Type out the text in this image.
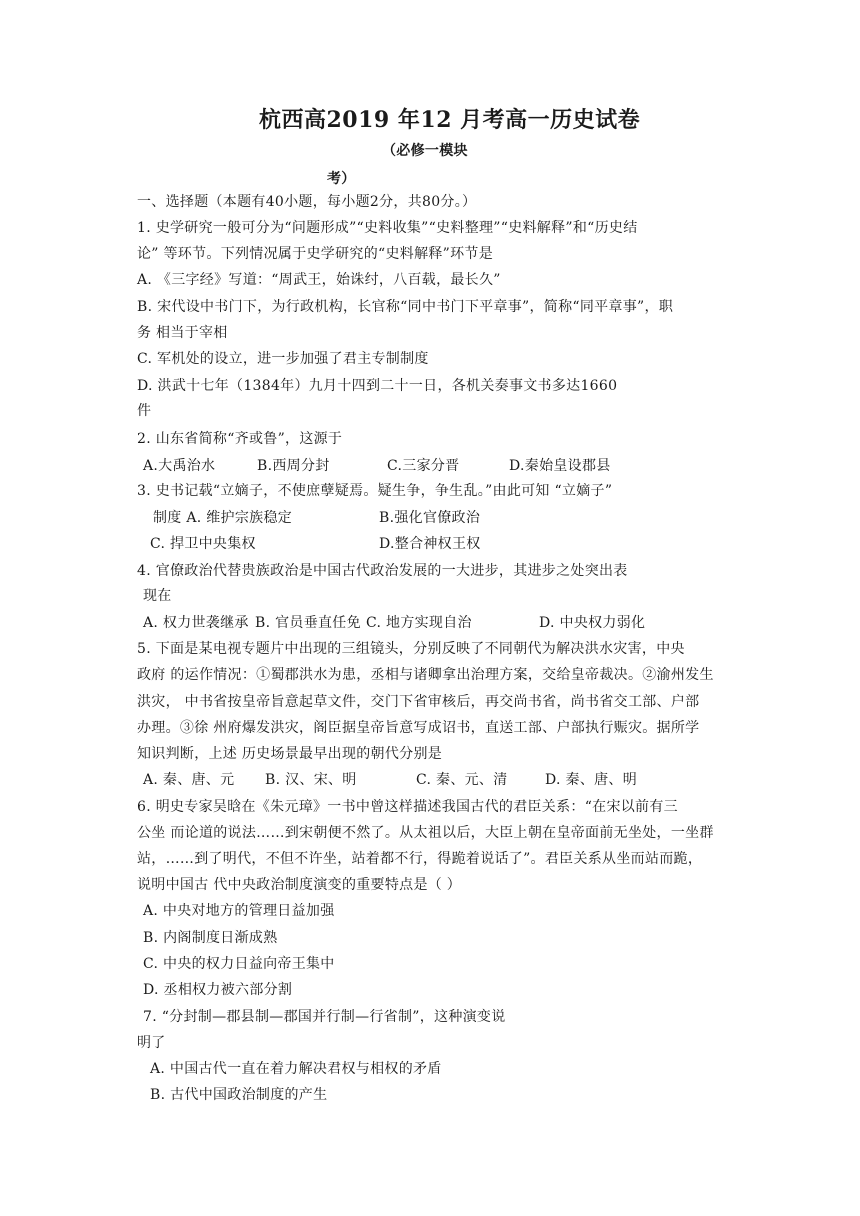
杭西高2019 年12 月考高一历史试卷
（必修一模块
考）
一、选择题（本题有40小题，每小题2分，共80分。）
1. 史学研究一般可分为“问题形成”“史料收集”“史料整理”“史料解释”和“历史结
论” 等环节。下列情况属于史学研究的“史料解释”环节是
A. 《三字经》写道：“周武王，始诛纣，八百载，最长久”
B. 宋代设中书门下，为行政机构，长官称“同中书门下平章事”，简称“同平章事”，职
务 相当于宰相
C. 军机处的设立，进一步加强了君主专制制度
D. 洪武十七年（1384年）九月十四到二十一日，各机关奏事文书多达1660
件
2. 山东省简称“齐或鲁”，这源于
A.大禹治水	B.西周分封	C.三家分晋	D.秦始皇设郡县
3. 史书记载“立嫡子，不使庶孽疑焉。疑生争，争生乱。”由此可知 “立嫡子”
制度 A. 维护宗族稳定	B.强化官僚政治
C. 捍卫中央集权	D.整合神权王权
4. 官僚政治代替贵族政治是中国古代政治发展的一大进步，其进步之处突出表
现在
A. 权力世袭继承 B. 官员垂直任免 C. 地方实现自治	D. 中央权力弱化
5. 下面是某电视专题片中出现的三组镜头，分别反映了不同朝代为解决洪水灾害，中央
政府 的运作情况：①蜀郡洪水为患，丞相与诸卿拿出治理方案，交给皇帝裁决。②渝州发生
洪灾， 中书省按皇帝旨意起草文件，交门下省审核后，再交尚书省，尚书省交工部、户部
办理。③徐 州府爆发洪灾，阁臣据皇帝旨意写成诏书，直送工部、户部执行赈灾。据所学
知识判断，上述 历史场景最早出现的朝代分别是
A. 秦、唐、元 B. 汉、宋、明	C. 秦、元、清	D. 秦、唐、明
6. 明史专家吴晗在《朱元璋》一书中曾这样描述我国古代的君臣关系：“在宋以前有三
公坐 而论道的说法……到宋朝便不然了。从太祖以后，大臣上朝在皇帝面前无坐处，一坐群
站，……到了明代，不但不许坐，站着都不行，得跪着说话了”。君臣关系从坐而站而跪，
说明中国古 代中央政治制度演变的重要特点是（ ）
A. 中央对地方的管理日益加强
B. 内阁制度日渐成熟
C. 中央的权力日益向帝王集中
D. 丞相权力被六部分割
7. “分封制—郡县制—郡国并行制—行省制”，这种演变说
明了
A. 中国古代一直在着力解决君权与相权的矛盾
B. 古代中国政治制度的产生
